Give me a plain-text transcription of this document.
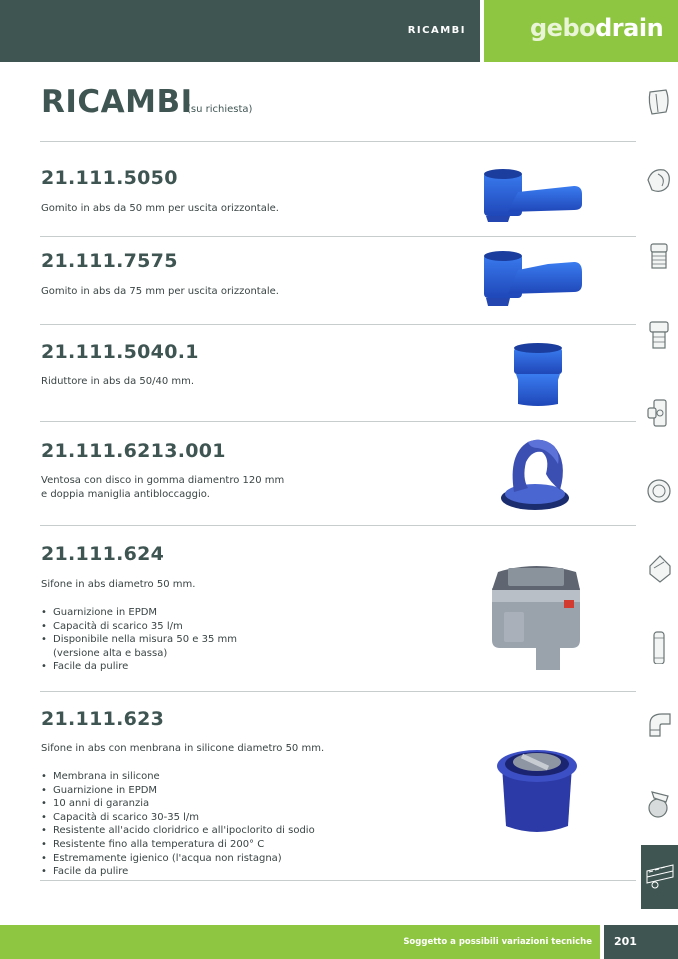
RICAMBI	gebodrain
RICAMBI
(su richiesta)
21.111.5050
Gomito in abs da 50 mm per uscita orizzontale.
21.111.7575
Gomito in abs da 75 mm per uscita orizzontale.
21.111.5040.1
Riduttore in abs da 50/40 mm.
21.111.6213.001
Ventosa con disco in gomma diamentro 120 mm
e doppia maniglia antibloccaggio.
21.111.624
Sifone in abs diametro 50 mm.
• Guarnizione in EPDM
• Capacità di scarico 35 l/m
• Disponibile nella misura 50 e 35 mm
(versione alta e bassa)
• Facile da pulire
21.111.623
Sifone in abs con menbrana in silicone diametro 50 mm.
• Membrana in silicone
• Guarnizione in EPDM
• 10 anni di garanzia
• Capacità di scarico 30-35 l/m
• Resistente all'acido cloridrico e all'ipoclorito di sodio
• Resistente fino alla temperatura di 200° C
• Estremamente igienico (l'acqua non ristagna)
• Facile da pulire
Soggetto a possibili variazioni tecniche 201
